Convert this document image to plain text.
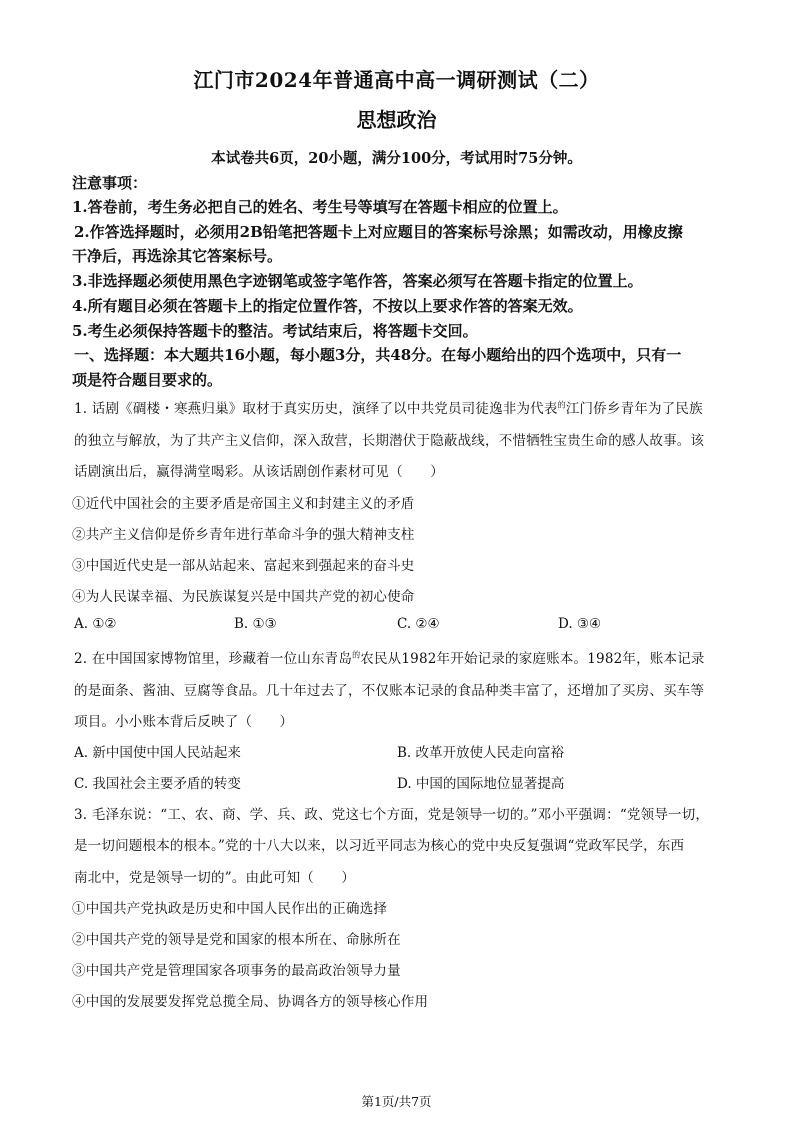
江门市2024年普通高中高一调研测试（二）
思想政治
本试卷共6页，20小题，满分100分，考试用时75分钟。
注意事项：
1.答卷前，考生务必把自己的姓名、考生号等填写在答题卡相应的位置上。
2.作答选择题时，必须用2B铅笔把答题卡上对应题目的答案标号涂黑；如需改动，用橡皮擦
干净后，再选涂其它答案标号。
3.非选择题必须使用黑色字迹钢笔或签字笔作答，答案必须写在答题卡指定的位置上。
4.所有题目必须在答题卡上的指定位置作答，不按以上要求作答的答案无效。
5.考生必须保持答题卡的整洁。考试结束后，将答题卡交回。
一、选择题：本大题共16小题，每小题3分，共48分。在每小题给出的四个选项中，只有一
项是符合题目要求的。
1. 话剧《碉楼・寒燕归巢》取材于真实历史，演绎了以中共党员司徒逸非为代表$^的$江门侨乡青年为了民族
的独立与解放，为了共产主义信仰，深入敌营，长期潜伏于隐蔽战线，不惜牺牲宝贵生命的感人故事。该
话剧演出后，赢得满堂喝彩。从该话剧创作素材可见（　　）
①近代中国社会的主要矛盾是帝国主义和封建主义的矛盾
②共产主义信仰是侨乡青年进行革命斗争的强大精神支柱
③中国近代史是一部从站起来、富起来到强起来的奋斗史
④为人民谋幸福、为民族谋复兴是中国共产党的初心使命
A. ①②	B. ①③	C. ②④	D. ③④
2. 在中国国家博物馆里，珍藏着一位山东青岛$^的$农民从1982年开始记录的家庭账本。1982年，账本记录
的是面条、酱油、豆腐等食品。几十年过去了，不仅账本记录的食品种类丰富了，还增加了买房、买车等
项目。小小账本背后反映了（　　）
A. 新中国使中国人民站起来	B. 改革开放使人民走向富裕
C. 我国社会主要矛盾的转变	D. 中国的国际地位显著提高
3. 毛泽东说：“工、农、商、学、兵、政、党这七个方面，党是领导一切的。”邓小平强调：“党领导一切，
是一切问题根本的根本。”党的十八大以来，以习近平同志为核心的党中央反复强调“党政军民学，东西
南北中，党是领导一切的”。由此可知（　　）
①中国共产党执政是历史和中国人民作出的正确选择
②中国共产党的领导是党和国家的根本所在、命脉所在
③中国共产党是管理国家各项事务的最高政治领导力量
④中国的发展要发挥党总揽全局、协调各方的领导核心作用
第1页/共7页
